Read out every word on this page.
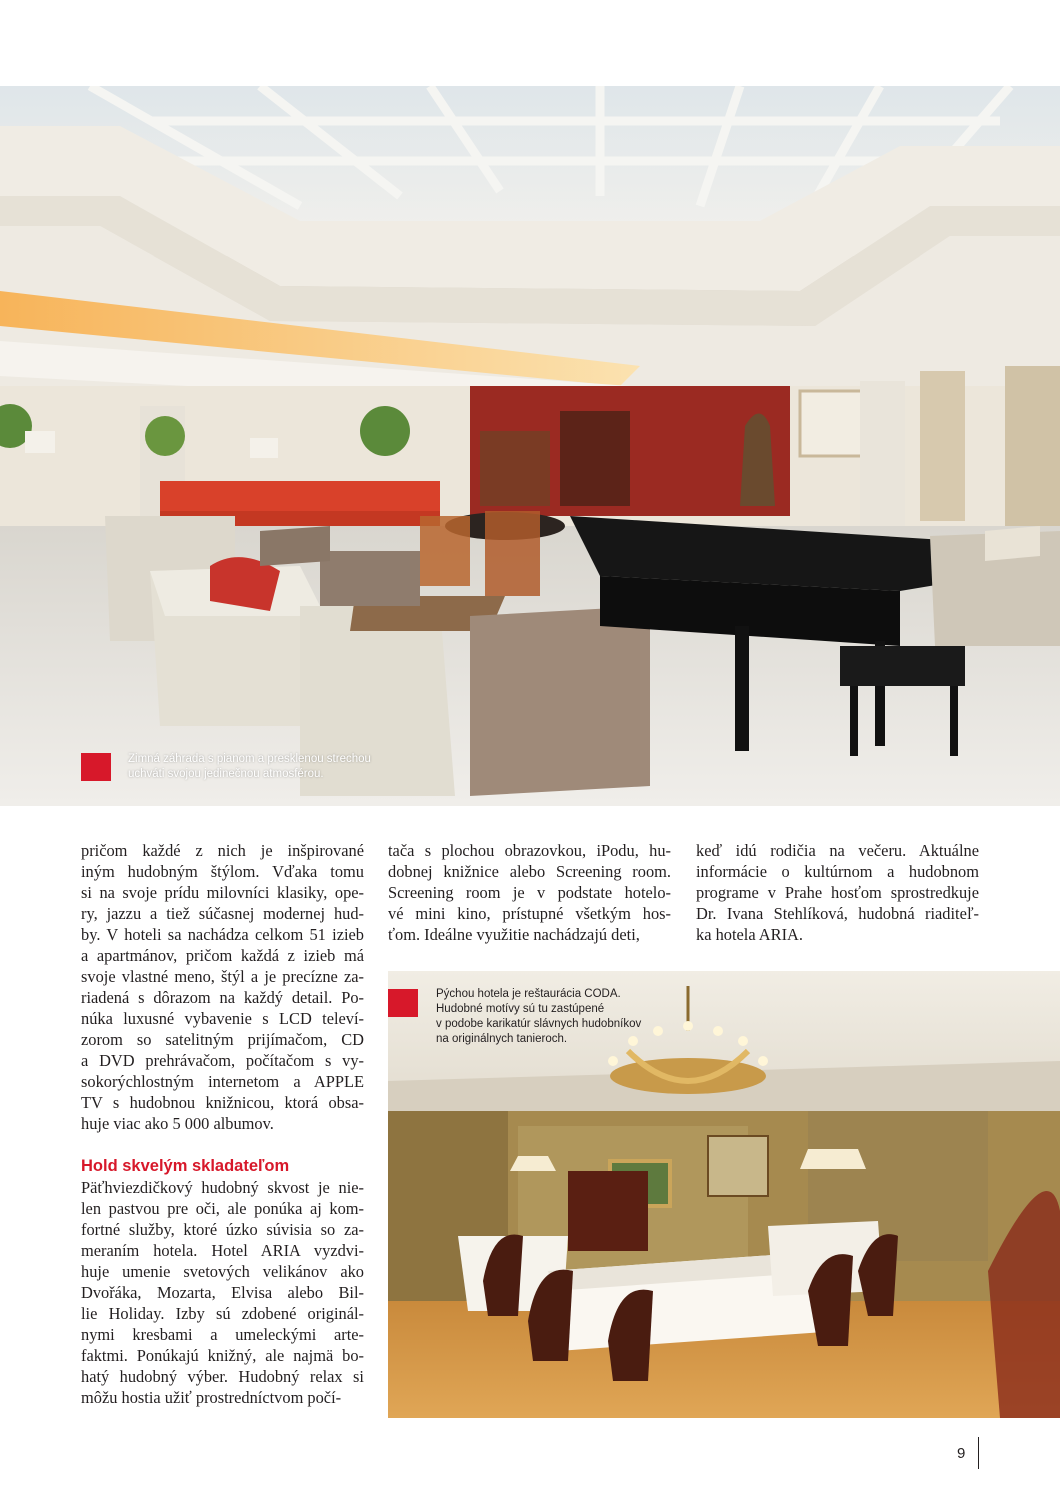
Zimná záhrada s pianom a presklenou strechou
uchváti svojou jedinečnou atmosférou.

pričom každé z nich je inšpirované
iným hudobným štýlom. Vďaka tomu
si na svoje prídu milovníci klasiky, ope-
ry, jazzu a tiež súčasnej modernej hud-
by. V hoteli sa nachádza celkom 51 izieb
a apartmánov, pričom každá z izieb má
svoje vlastné meno, štýl a je precízne za-
riadená s dôrazom na každý detail. Po-
núka luxusné vybavenie s LCD televí-
zorom so satelitným prijímačom, CD
a DVD prehrávačom, počítačom s vy-
sokorýchlostným internetom a APPLE
TV s hudobnou knižnicou, ktorá obsa-
huje viac ako 5 000 albumov.

Hold skvelým skladateľom

Päťhviezdičkový hudobný skvost je nie-
len pastvou pre oči, ale ponúka aj kom-
fortné služby, ktoré úzko súvisia so za-
meraním hotela. Hotel ARIA vyzdvi-
huje umenie svetových velikánov ako
Dvořáka, Mozarta, Elvisa alebo Bil-
lie Holiday. Izby sú zdobené originál-
nymi kresbami a umeleckými arte-
faktmi. Ponúkajú knižný, ale najmä bo-
hatý hudobný výber. Hudobný relax si
môžu hostia užiť prostredníctvom počí-

tača s plochou obrazovkou, iPodu, hu-
dobnej knižnice alebo Screening room.
Screening room je v podstate hotelo-
vé mini kino, prístupné všetkým hos-
ťom. Ideálne využitie nachádzajú deti,

keď idú rodičia na večeru. Aktuálne
informácie o kultúrnom a hudobnom
programe v Prahe hosťom sprostredkuje
Dr. Ivana Stehlíková, hudobná riaditeľ-
ka hotela ARIA.

Pýchou hotela je reštaurácia CODA.
Hudobné motívy sú tu zastúpené
v podobe karikatúr slávnych hudobníkov
na originálnych tanieroch.
9
